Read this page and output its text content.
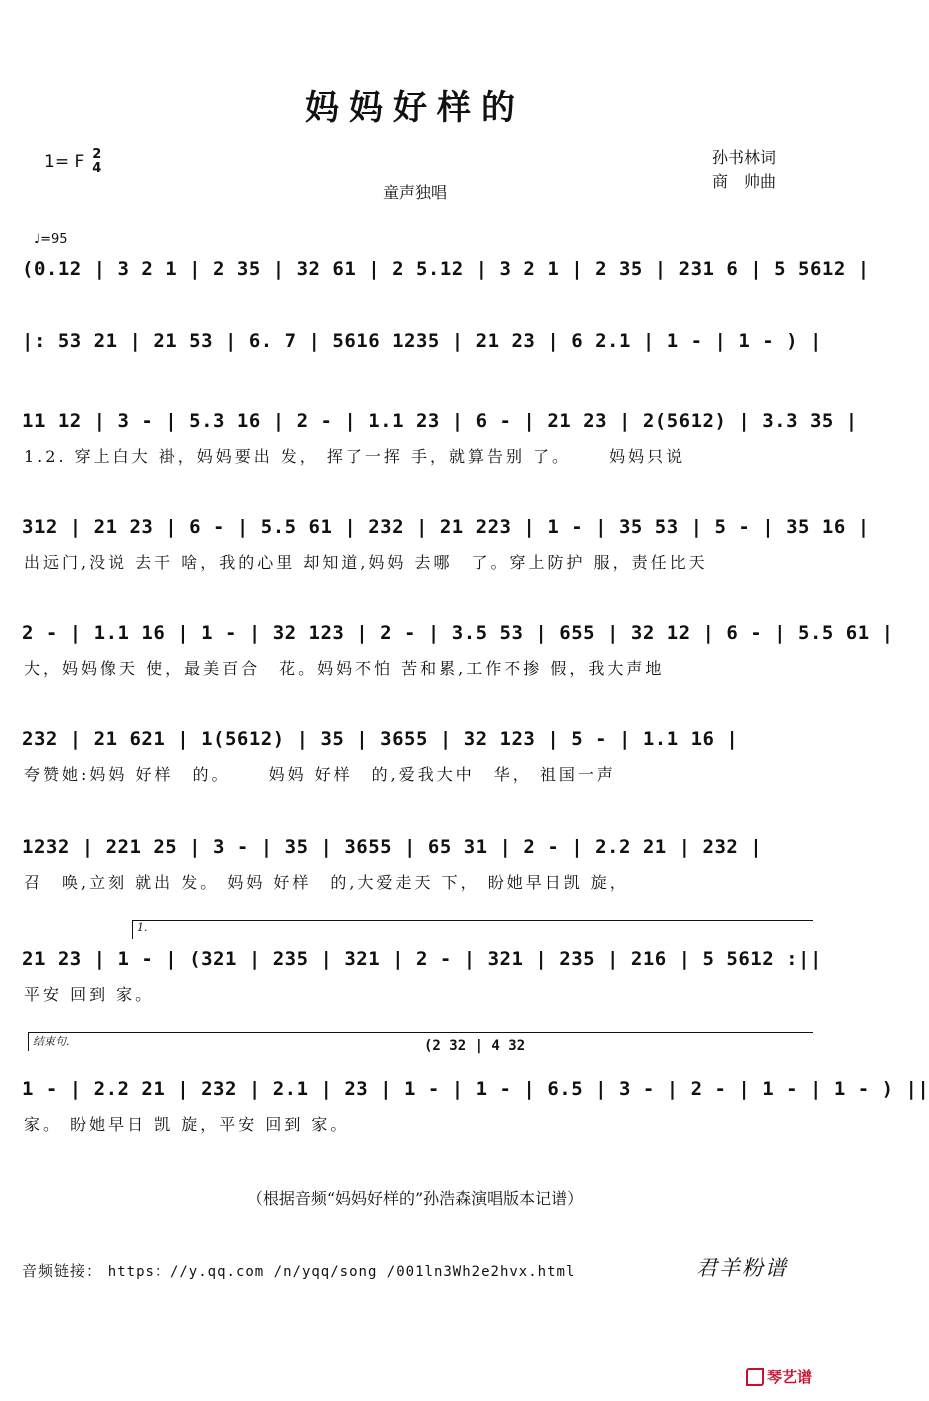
妈妈好样的
1= F 2
4
孙书林词
商　帅曲
童声独唱
♩=95
(0.12 | 3 2 1 | 2 35 | 32 61 | 2 5.12 | 3 2 1 | 2 35 | 231 6 | 5 5612 |
|: 53 21 | 21 53 | 6. 7 | 5616 1235 | 21 23 | 6 2.1 | 1 - | 1 - ) |
11 12 | 3 - | 5.3 16 | 2 - | 1.1 23 | 6 - | 21 23 | 2(5612) | 3.3 35 |
1.2. 穿上白大 褂，妈妈要出 发， 挥了一挥 手，就算告别 了。　　 妈妈只说
312 | 21 23 | 6 - | 5.5 61 | 232 | 21 223 | 1 - | 35 53 | 5 - | 35 16 |
出远门,没说 去干 啥，我的心里 却知道,妈妈 去哪　了。穿上防护 服，责任比天
2 - | 1.1 16 | 1 - | 32 123 | 2 - | 3.5 53 | 655 | 32 12 | 6 - | 5.5 61 |
大，妈妈像天 使，最美百合　花。妈妈不怕 苦和累,工作不掺 假，我大声地
232 | 21 621 | 1(5612) | 35 | 3655 | 32 123 | 5 - | 1.1 16 |
夸赞她:妈妈 好样　的。　　 妈妈 好样　的,爱我大中　华， 祖国一声
1232 | 221 25 | 3 - | 35 | 3655 | 65 31 | 2 - | 2.2 21 | 232 |
召　唤,立刻 就出 发。 妈妈 好样　的,大爱走天 下， 盼她早日凯 旋，
1.
21 23 | 1 - | (321 | 235 | 321 | 2 - | 321 | 235 | 216 | 5 5612 :||
平安 回到 家。
结束句.	(2 32 | 4 32
1 - | 2.2 21 | 232 | 2.1 | 23 | 1 - | 1 - | 6.5 | 3 - | 2 - | 1 - | 1 - ) ||
家。 盼她早日 凯 旋，平安 回到 家。
（根据音频“妈妈好样的”孙浩森演唱版本记谱）
音频链接： https：//y.qq.com /n/yqq/song /001ln3Wh2e2hvx.html	君羊粉谱
琴艺谱
